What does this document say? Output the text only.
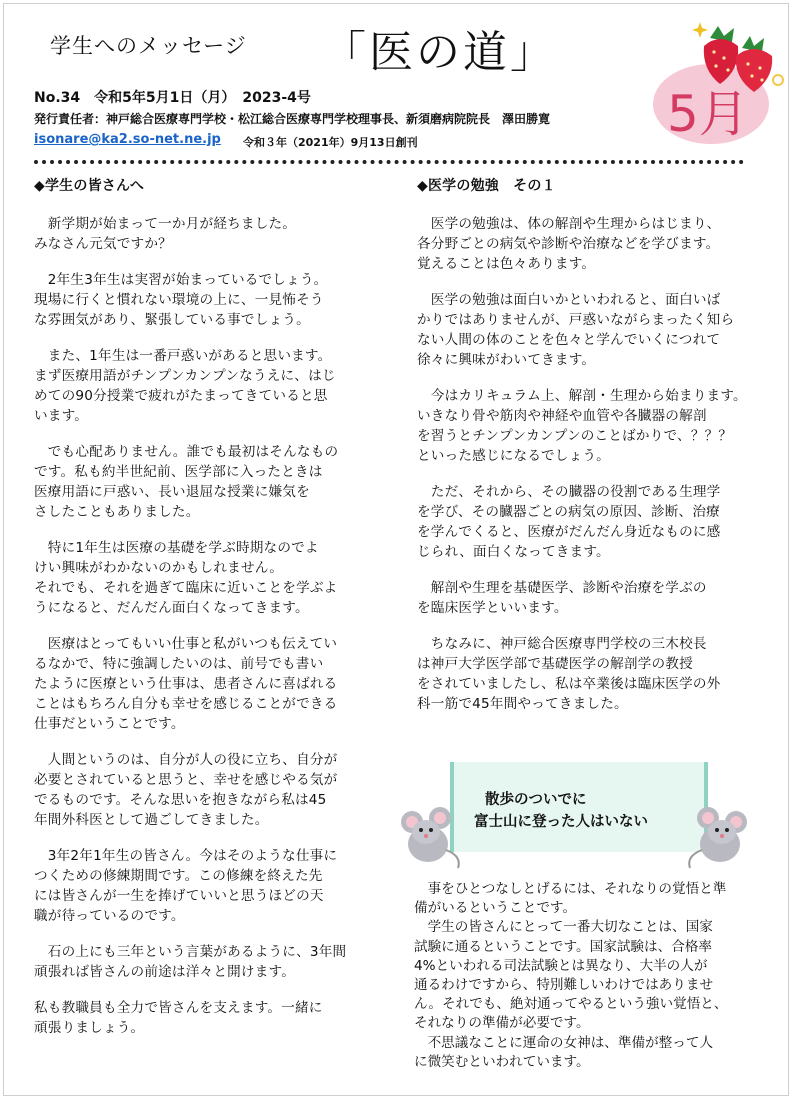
学生へのメッセージ 「医の道」
No.34　令和5年5月1日（月）　2023-4号
発行責任者：神戸総合医療専門学校・松江総合医療専門学校理事長、新須磨病院院長　澤田勝寛
isonare@ka2.so-net.ne.jp 令和３年（2021年）9月13日創刊	5月
◆学生の皆さんへ

　新学期が始まって一か月が経ちました。
みなさん元気ですか？

　2年生3年生は実習が始まっているでしょう。
現場に行くと慣れない環境の上に、一見怖そう
な雰囲気があり、緊張している事でしょう。

　また、1年生は一番戸惑いがあると思います。
まず医療用語がチンプンカンプンなうえに、はじ
めての90分授業で疲れがたまってきていると思
います。

　でも心配ありません。誰でも最初はそんなもの
です。私も約半世紀前、医学部に入ったときは
医療用語に戸惑い、長い退屈な授業に嫌気を
さしたこともありました。

　特に1年生は医療の基礎を学ぶ時期なのでよ
けい興味がわかないのかもしれません。
それでも、それを過ぎて臨床に近いことを学ぶよ
うになると、だんだん面白くなってきます。

　医療はとってもいい仕事と私がいつも伝えてい
るなかで、特に強調したいのは、前号でも書い
たように医療という仕事は、患者さんに喜ばれる
ことはもちろん自分も幸せを感じることができる
仕事だということです。

　人間というのは、自分が人の役に立ち、自分が
必要とされていると思うと、幸せを感じやる気が
でるものです。そんな思いを抱きながら私は45
年間外科医として過ごしてきました。

　3年2年1年生の皆さん。今はそのような仕事に
つくための修練期間です。この修練を終えた先
には皆さんが一生を捧げていいと思うほどの天
職が待っているのです。

　石の上にも三年という言葉があるように、3年間
頑張れば皆さんの前途は洋々と開けます。

私も教職員も全力で皆さんを支えます。一緒に
頑張りましょう。

◆医学の勉強　その１

　医学の勉強は、体の解剖や生理からはじまり、
各分野ごとの病気や診断や治療などを学びます。
覚えることは色々あります。

　医学の勉強は面白いかといわれると、面白いば
かりではありませんが、戸惑いながらまったく知ら
ない人間の体のことを色々と学んでいくにつれて
徐々に興味がわいてきます。

　今はカリキュラム上、解剖・生理から始まります。
いきなり骨や筋肉や神経や血管や各臓器の解剖
を習うとチンプンカンプンのことばかりで、？？？
といった感じになるでしょう。

　ただ、それから、その臓器の役割である生理学
を学び、その臓器ごとの病気の原因、診断、治療
を学んでくると、医療がだんだん身近なものに感
じられ、面白くなってきます。

　解剖や生理を基礎医学、診断や治療を学ぶの
を臨床医学といいます。

　ちなみに、神戸総合医療専門学校の三木校長
は神戸大学医学部で基礎医学の解剖学の教授
をされていましたし、私は卒業後は臨床医学の外
科一筋で45年間やってきました。

散歩のついでに
富士山に登った人はいない

　事をひとつなしとげるには、それなりの覚悟と準
備がいるということです。
　学生の皆さんにとって一番大切なことは、国家
試験に通るということです。国家試験は、合格率
4%といわれる司法試験とは異なり、大半の人が
通るわけですから、特別難しいわけではありませ
ん。それでも、絶対通ってやるという強い覚悟と、
それなりの準備が必要です。
　不思議なことに運命の女神は、準備が整って人
に微笑むといわれています。
